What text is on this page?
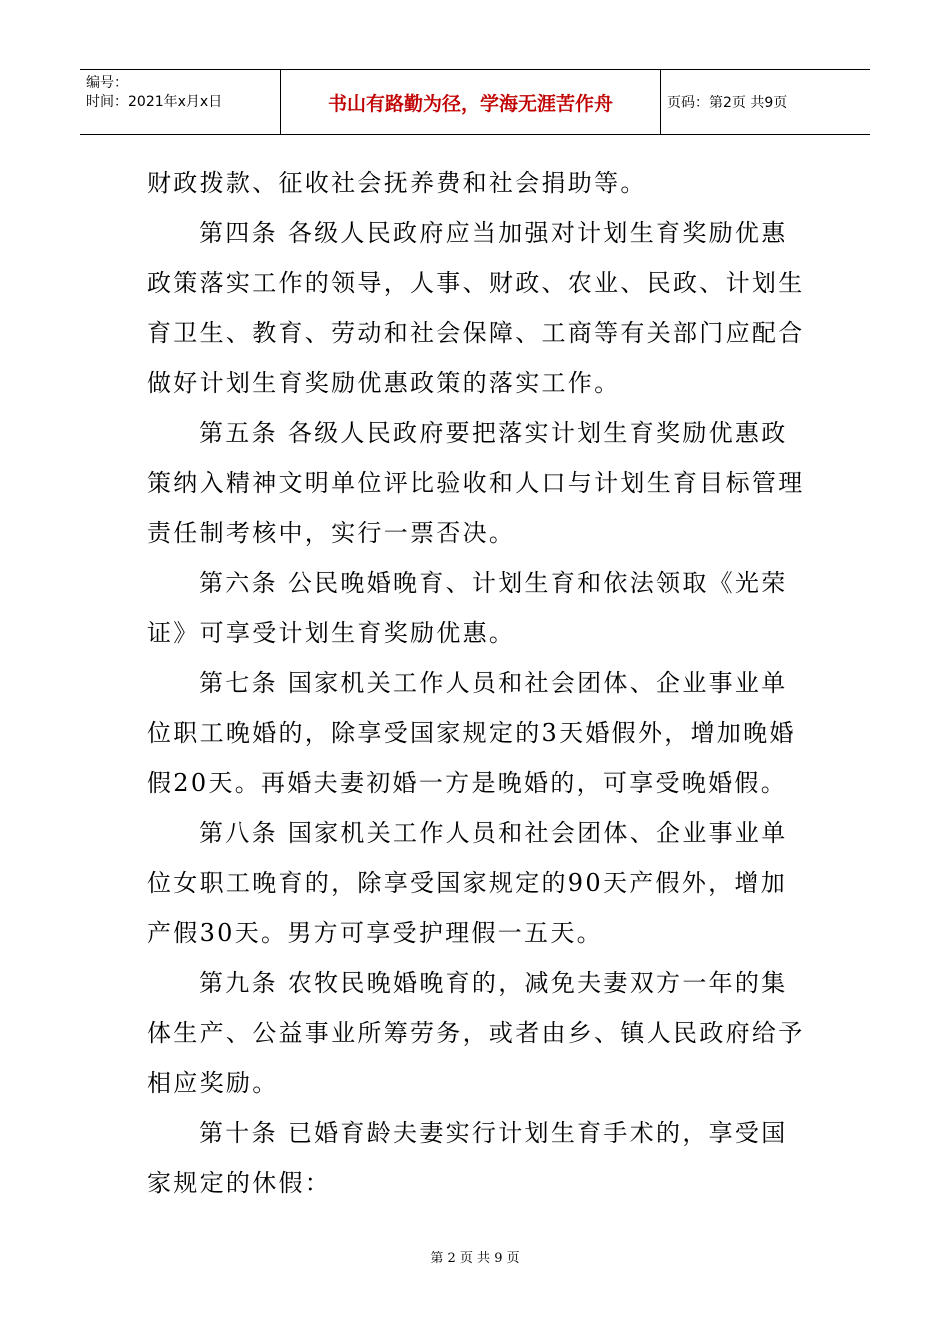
编号：
时间：2021年x月x日	书山有路勤为径，学海无涯苦作舟	页码：第2页 共9页

财政拨款、征收社会抚养费和社会捐助等。

第四条 各级人民政府应当加强对计划生育奖励优惠政策落实工作的领导，人事、财政、农业、民政、计划生育卫生、教育、劳动和社会保障、工商等有关部门应配合做好计划生育奖励优惠政策的落实工作。

第五条 各级人民政府要把落实计划生育奖励优惠政策纳入精神文明单位评比验收和人口与计划生育目标管理责任制考核中，实行一票否决。

第六条 公民晚婚晚育、计划生育和依法领取《光荣证》可享受计划生育奖励优惠。

第七条 国家机关工作人员和社会团体、企业事业单位职工晚婚的，除享受国家规定的3天婚假外，增加晚婚假20天。再婚夫妻初婚一方是晚婚的，可享受晚婚假。

第八条 国家机关工作人员和社会团体、企业事业单位女职工晚育的，除享受国家规定的90天产假外，增加产假30天。男方可享受护理假一五天。

第九条 农牧民晚婚晚育的，减免夫妻双方一年的集体生产、公益事业所筹劳务，或者由乡、镇人民政府给予相应奖励。

第十条 已婚育龄夫妻实行计划生育手术的，享受国家规定的休假：

第 2 页 共 9 页
